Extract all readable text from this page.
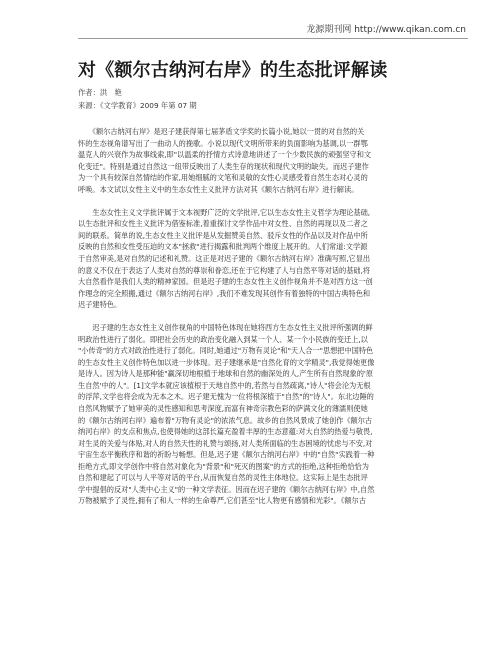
龙源期刊网 http://www.qikan.com.cn
对《额尔古纳河右岸》的生态批评解读
作者：洪　艳
来源：《文学教育》2009 年第 07 期
　　《额尔古纳河右岸》是迟子建获得第七届茅盾文学奖的长篇小说,她以一贯的对自然的关
怀的生态视角谱写出了一曲动人的挽歌。小说以现代文明所带来的负面影响为基调,以一群鄂
温克人的兴衰作为故事线索,即"以温柔的抒情方式诗意地讲述了一个少数民族的顽强坚守和文
化变迁"。特别是通过自然这一纽带反映出了人类生存的现状和现代文明的缺失。而迟子建作
为一个具有较深自然情结的作家,用她细腻的文笔和灵敏的女性心灵感受着自然生态对心灵的
呼唤。本文试以女性主义中的生态女性主义批评方法对其《额尔古纳河右岸》进行解读。
　　生态女性主义文学批评属于文本视野广泛的文学批评,它以生态女性主义哲学为理论基础,
以生态批评和女性主义批评为借鉴标准,着重探讨文学作品中对女性、自然的再现以及二者之
间的联系。简单的说,生态女性主义批评是从发掘赞美自然、驳斥女性的作品以及对作品中所
反映的自然和女性受压迫的文本"拯救"进行揭露和批判两个维度上展开的。人们常道:文学源
于自然审美,是对自然的记述和礼赞。这正是对迟子建的《额尔古纳河右岸》准确写照,它显出
的意义不仅在于表达了人类对自然的尊崇和眷恋,还在于它构建了人与自然平等对话的基础,将
大自然看作是我们人类的精神家园。但是迟子建的生态女性主义创作视角并不是对西方这一创
作理念的完全照搬,通过《额尔古纳河右岸》,我们不难发现其创作有着独特的中国古典特色和
迟子建特色。
　　迟子建的生态女性主义创作视角的中国特色体现在她将西方生态女性主义批评所强调的鲜
明政治性进行了弱化。即把社会历史的政治变化融入到某一个人、某一个小民族的变迁上,以
"小传奇"的方式对政治性进行了弱化。同时,她通过"万物有灵论"和"天人合一"思想把中国特色
的生态女性主义创作特色加以进一步体现。迟子建继承是"自然化育的文学精灵",我觉得她更像
是诗人。因为诗人是那种能"赢深切地根植于地球和自然的幽深处的人,产生所有自然现象的'原
生自然'中的人"。[1]文学本就应该植根于天地自然中的,若然与自然疏离,"诗人"将会沦为无根
的浮萍,文学也将会成为无本之木。迟子建无愧为一位将根深植于"自然"的"诗人"。东北边陲的
自然风物赋予了她审美的灵性感知和思考深度,而富有神奇宗教色彩的萨满文化的薄濡则使她
的《额尔古纳河右岸》遍布着"万物有灵论"的浓浓气息。故乡的自然风景成了她创作《额尔古
纳河右岸》的支点和焦点,也使得她的这部长篇充盈着丰厚的生态意蕴:对大自然的热爱与敬畏,
对生灵的关爱与体贴,对人的自然天性的礼赞与颂扬,对人类所面临的生态困境的忧虑与不安,对
宇宙生态平衡秩序和谐的祈盼与畅想。但是,迟子建《额尔古纳河右岸》中的"自然"实践着一种
拒绝方式,即文学创作中将自然对象化为"背景"和"死灭的图案"的方式的拒绝,这种拒绝恰恰为
自然和建起了可以与人平等对话的平台,从而恢复自然的灵性主体地位。这实际上是生态批评
学中提倡的反对"人类中心主义"的一种文学表征。因而在迟子建的《额尔古纳河右岸》中,自然
万物被赋予了灵性,拥有了和人一样的生命尊严,它们甚至"比人物更有感情和光彩"。《额尔古
